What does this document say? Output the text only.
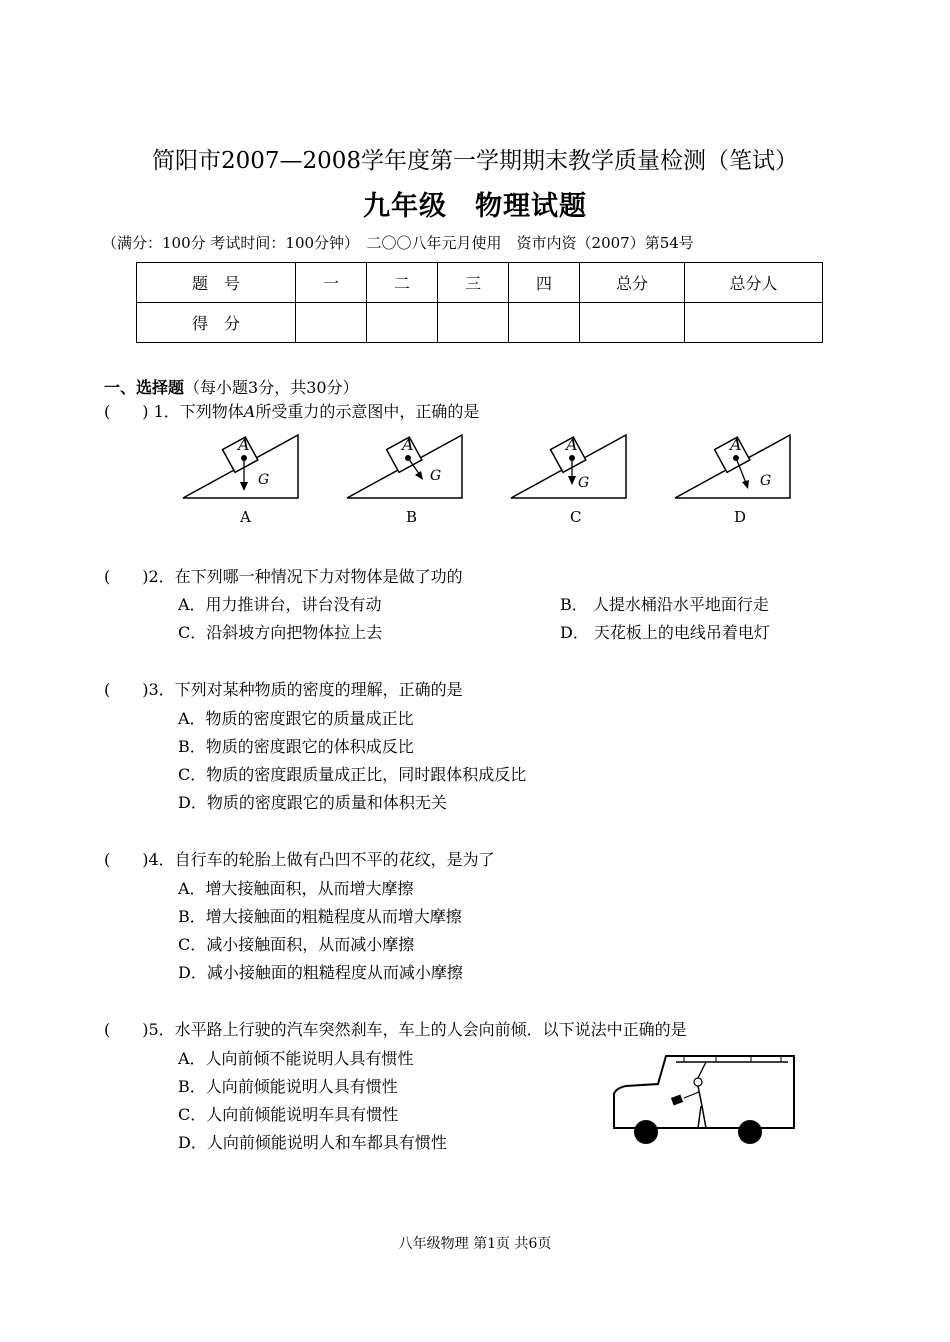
简阳市2007—2008学年度第一学期期末教学质量检测（笔试）
九年级　物理试题
（满分：100分 考试时间：100分钟）　二〇〇八年元月使用　资市内资（2007）第54号
题　号	一	二	三	四	总分	总分人
得　分						
一、选择题（每小题3分，共30分）
(　　) 1．下列物体A所受重力的示意图中，正确的是
A
G
A
A
G
B
A
G
C
A
G
D
(　　)2．在下列哪一种情况下力对物体是做了功的
A．用力推讲台，讲台没有动	B． 人提水桶沿水平地面行走
C．沿斜坡方向把物体拉上去	D． 天花板上的电线吊着电灯
(　　)3．下列对某种物质的密度的理解，正确的是
A．物质的密度跟它的质量成正比
B．物质的密度跟它的体积成反比
C．物质的密度跟质量成正比，同时跟体积成反比
D．物质的密度跟它的质量和体积无关
(　　)4．自行车的轮胎上做有凸凹不平的花纹，是为了
A．增大接触面积，从而增大摩擦
B．增大接触面的粗糙程度从而增大摩擦
C．减小接触面积，从而减小摩擦
D．减小接触面的粗糙程度从而减小摩擦
(　　)5．水平路上行驶的汽车突然刹车，车上的人会向前倾．以下说法中正确的是
A．人向前倾不能说明人具有惯性
B．人向前倾能说明人具有惯性
C．人向前倾能说明车具有惯性
D．人向前倾能说明人和车都具有惯性
八年级物理 第1页 共6页
